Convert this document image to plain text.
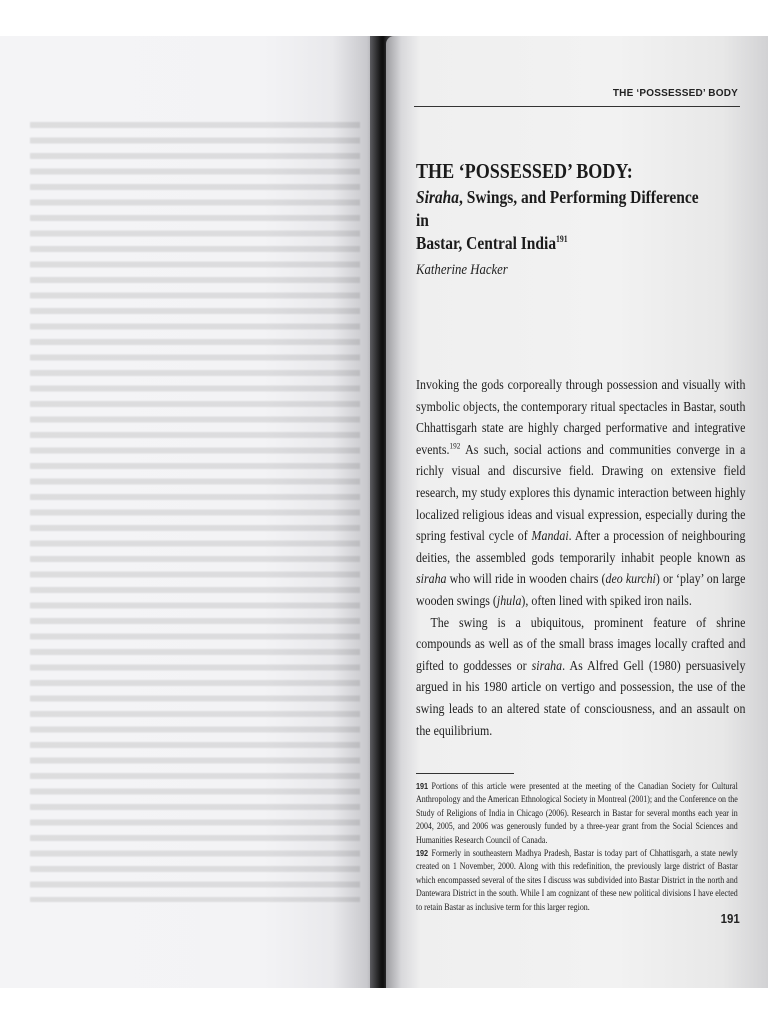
THE ‘POSSESSED’ BODY
THE ‘POSSESSED’ BODY:
Siraha, Swings, and Performing Difference in
Bastar, Central India$^{191}$
Katherine Hacker

Invoking the gods corporeally through possession and visually with symbolic objects, the contemporary ritual spectacles in Bastar, south Chhattisgarh state are highly charged performative and integrative events.$^{192}$ As such, social actions and communities converge in a richly visual and discursive field. Drawing on extensive field research, my study explores this dynamic interaction between highly localized religious ideas and visual expression, especially during the spring festival cycle of Mandai. After a procession of neighbouring deities, the assembled gods temporarily inhabit people known as siraha who will ride in wooden chairs (deo kurchi) or ‘play’ on large wooden swings (jhula), often lined with spiked iron nails.

The swing is a ubiquitous, prominent feature of shrine compounds as well as of the small brass images locally crafted and gifted to goddesses or siraha. As Alfred Gell (1980) persuasively argued in his 1980 article on vertigo and possession, the use of the swing leads to an altered state of consciousness, and an assault on the equilibrium.

191 Portions of this article were presented at the meeting of the Canadian Society for Cultural Anthropology and the American Ethnological Society in Montreal (2001); and the Conference on the Study of Religions of India in Chicago (2006). Research in Bastar for several months each year in 2004, 2005, and 2006 was generously funded by a three-year grant from the Social Sciences and Humanities Research Council of Canada.

192 Formerly in southeastern Madhya Pradesh, Bastar is today part of Chhattisgarh, a state newly created on 1 November, 2000. Along with this redefinition, the previously large district of Bastar which encompassed several of the sites I discuss was subdivided into Bastar District in the north and Dantewara District in the south. While I am cognizant of these new political divisions I have elected to retain Bastar as inclusive term for this larger region.

191
